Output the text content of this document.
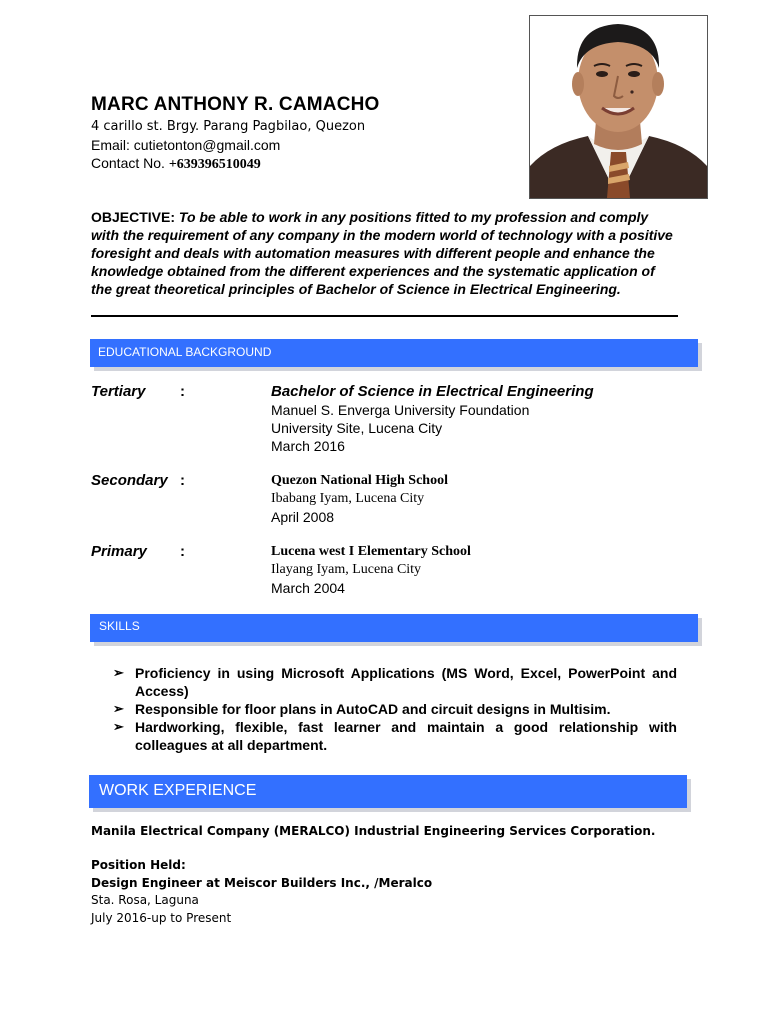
MARC ANTHONY R. CAMACHO
4 carillo st. Brgy. Parang Pagbilao, Quezon
Email: cutietonton@gmail.com
Contact No. +639396510049
OBJECTIVE: To be able to work in any positions fitted to my profession and comply with the requirement of any company in the modern world of technology with a positive foresight and deals with automation measures with different people and enhance the knowledge obtained from the different experiences and the systematic application of the great theoretical principles of Bachelor of Science in Electrical Engineering.
EDUCATIONAL BACKGROUND
Tertiary :	Bachelor of Science in Electrical Engineering
Manuel S. Enverga University Foundation
University Site, Lucena City
March 2016
Secondary :	Quezon National High School
Ibabang Iyam, Lucena City
April 2008
Primary :	Lucena west I Elementary School
Ilayang Iyam, Lucena City
March 2004
SKILLS
➢ Proficiency in using Microsoft Applications (MS Word, Excel, PowerPoint and Access)
➢ Responsible for floor plans in AutoCAD and circuit designs in Multisim.
➢ Hardworking, flexible, fast learner and maintain a good relationship with colleagues at all department.
WORK EXPERIENCE
Manila Electrical Company (MERALCO) Industrial Engineering Services Corporation.
Position Held:
Design Engineer at Meiscor Builders Inc., /Meralco
Sta. Rosa, Laguna
July 2016-up to Present
